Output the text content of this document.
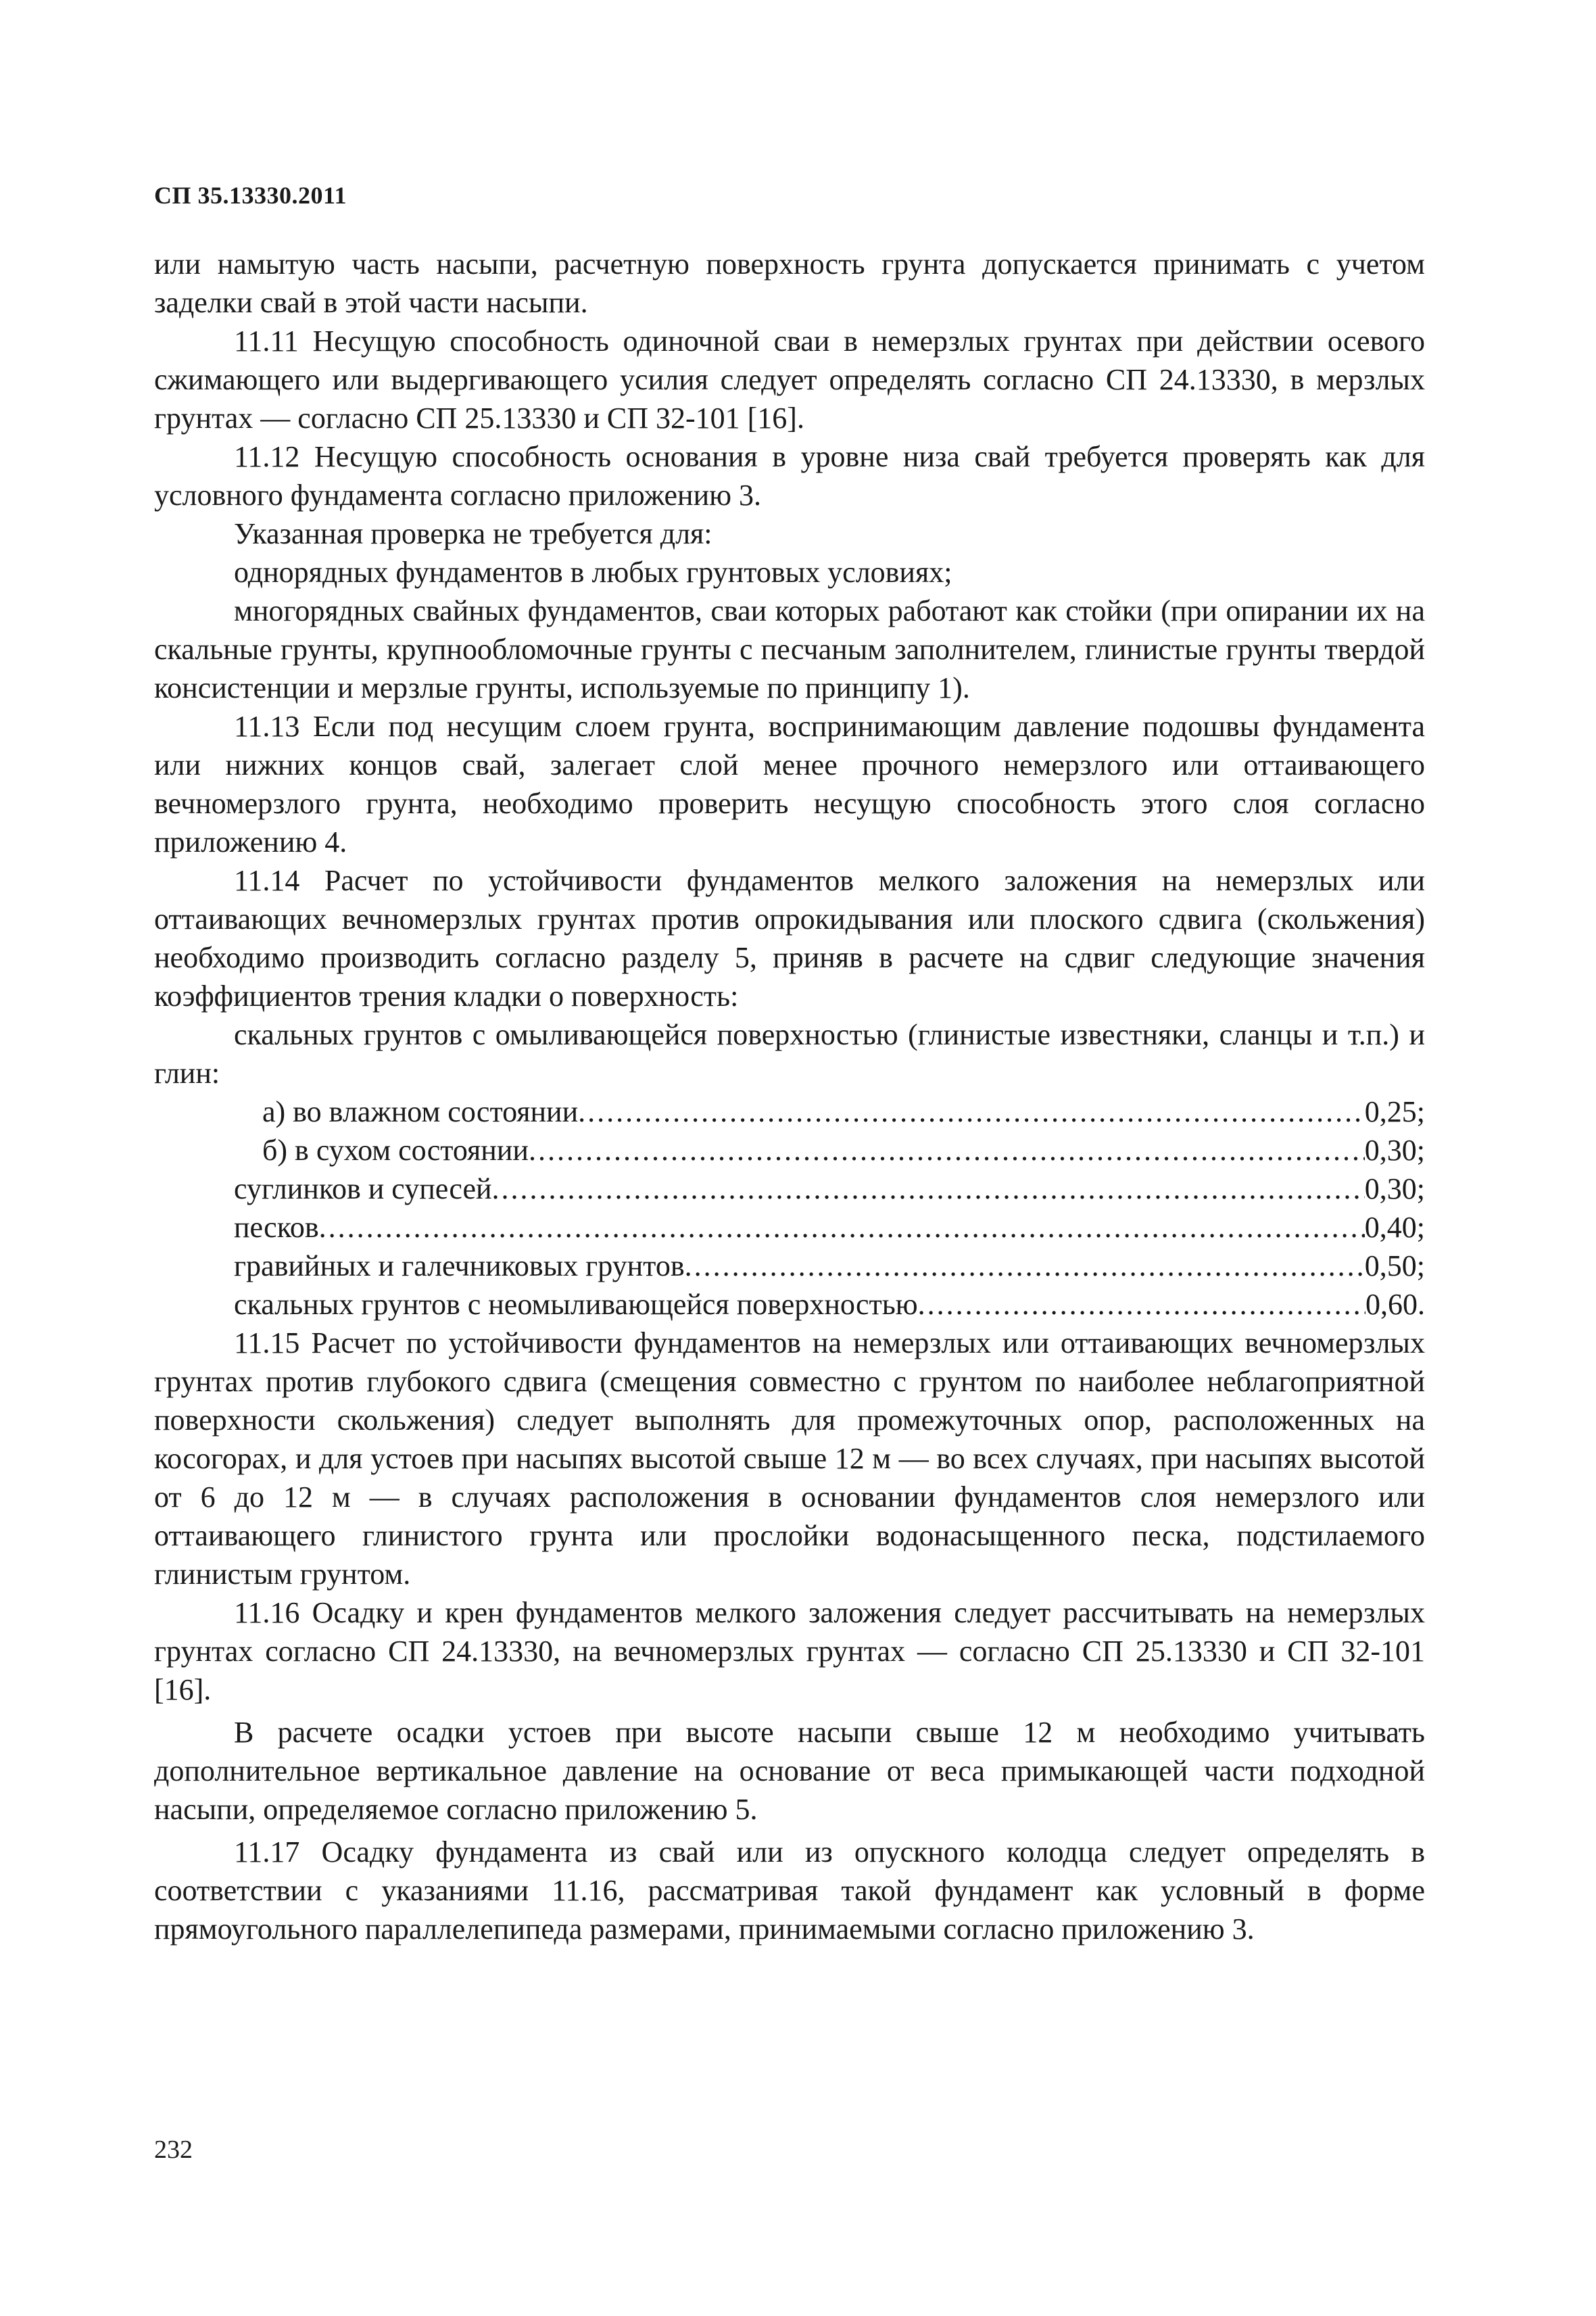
СП 35.13330.2011

или намытую часть насыпи, расчетную поверхность грунта допускается принимать с учетом заделки свай в этой части насыпи.

11.11 Несущую способность одиночной сваи в немерзлых грунтах при действии осевого сжимающего или выдергивающего усилия следует определять согласно СП 24.13330, в мерзлых грунтах — согласно СП 25.13330 и СП 32-101 [16].

11.12 Несущую способность основания в уровне низа свай требуется проверять как для условного фундамента согласно приложению 3.

Указанная проверка не требуется для:

однорядных фундаментов в любых грунтовых условиях;

многорядных свайных фундаментов, сваи которых работают как стойки (при опирании их на скальные грунты, крупнообломочные грунты с песчаным заполнителем, глинистые грунты твердой консистенции и мерзлые грунты, используемые по принципу 1).

11.13 Если под несущим слоем грунта, воспринимающим давление подошвы фундамента или нижних концов свай, залегает слой менее прочного немерзлого или оттаивающего вечномерзлого грунта, необходимо проверить несущую способность этого слоя согласно приложению 4.

11.14 Расчет по устойчивости фундаментов мелкого заложения на немерзлых или оттаивающих вечномерзлых грунтах против опрокидывания или плоского сдвига (скольжения) необходимо производить согласно разделу 5, приняв в расчете на сдвиг следующие значения коэффициентов трения кладки о поверхность:

скальных грунтов с омыливающейся поверхностью (глинистые известняки, сланцы и т.п.) и глин:

а) во влажном состоянии .....	0,25;
б) в сухом состоянии .....	0,30;
суглинков и супесей .....	0,30;
песков .....	0,40;
гравийных и галечниковых грунтов .....	0,50;
скальных грунтов с неомыливающейся поверхностью .....	0,60.

11.15 Расчет по устойчивости фундаментов на немерзлых или оттаивающих вечномерзлых грунтах против глубокого сдвига (смещения совместно с грунтом по наиболее неблагоприятной поверхности скольжения) следует выполнять для промежуточных опор, расположенных на косогорах, и для устоев при насыпях высотой свыше 12 м — во всех случаях, при насыпях высотой от 6 до 12 м — в случаях расположения в основании фундаментов слоя немерзлого или оттаивающего глинистого грунта или прослойки водонасыщенного песка, подстилаемого глинистым грунтом.

11.16 Осадку и крен фундаментов мелкого заложения следует рассчитывать на немерзлых грунтах согласно СП 24.13330, на вечномерзлых грунтах — согласно СП 25.13330 и СП 32-101 [16].

В расчете осадки устоев при высоте насыпи свыше 12 м необходимо учитывать дополнительное вертикальное давление на основание от веса примыкающей части подходной насыпи, определяемое согласно приложению 5.

11.17 Осадку фундамента из свай или из опускного колодца следует определять в соответствии с указаниями 11.16, рассматривая такой фундамент как условный в форме прямоугольного параллелепипеда размерами, принимаемыми согласно приложению 3.

232
